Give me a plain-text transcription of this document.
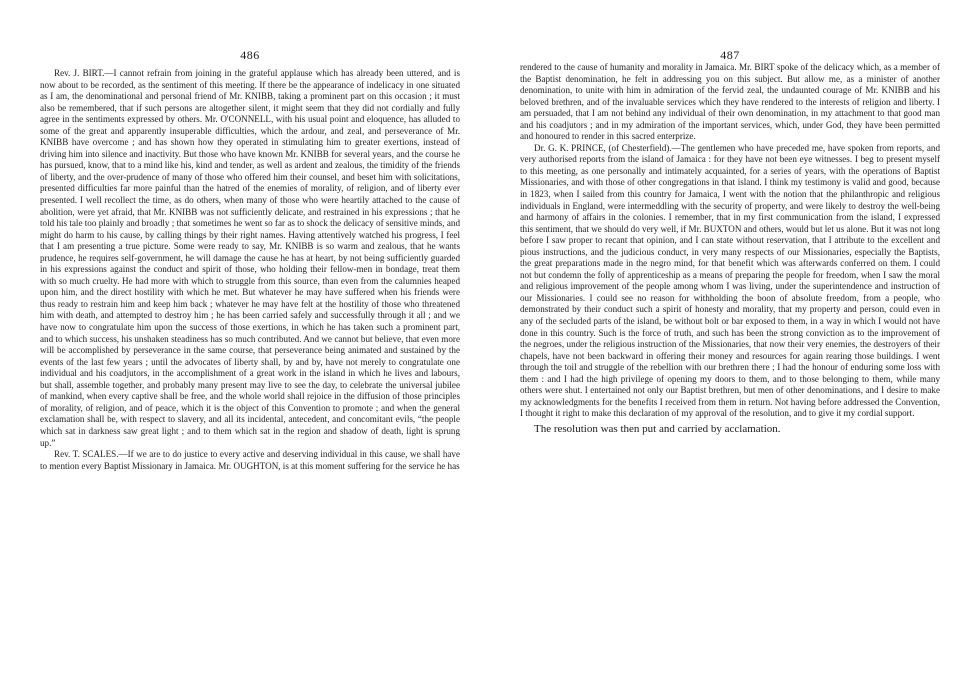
486

Rev. J. BIRT.—I cannot refrain from joining in the grateful applause which has already been uttered, and is now about to be recorded, as the sentiment of this meeting. If there be the appearance of indelicacy in one situated as I am, the denominational and personal friend of Mr. KNIBB, taking a prominent part on this occasion ; it must also be remembered, that if such persons are altogether silent, it might seem that they did not cordially and fully agree in the sentiments expressed by others. Mr. O'CONNELL, with his usual point and eloquence, has alluded to some of the great and apparently insuperable difficulties, which the ardour, and zeal, and perseverance of Mr. KNIBB have overcome ; and has shown how they operated in stimulating him to greater exertions, instead of driving him into silence and inactivity. But those who have known Mr. KNIBB for several years, and the course he has pursued, know, that to a mind like his, kind and tender, as well as ardent and zealous, the timidity of the friends of liberty, and the over-prudence of many of those who offered him their counsel, and beset him with solicitations, presented difficulties far more painful than the hatred of the enemies of morality, of religion, and of liberty ever presented. I well recollect the time, as do others, when many of those who were heartily attached to the cause of abolition, were yet afraid, that Mr. KNIBB was not sufficiently delicate, and restrained in his expressions ; that he told his tale too plainly and broadly ; that sometimes he went so far as to shock the delicacy of sensitive minds, and might do harm to his cause, by calling things by their right names. Having attentively watched his progress, I feel that I am presenting a true picture. Some were ready to say, Mr. KNIBB is so warm and zealous, that he wants prudence, he requires self-government, he will damage the cause he has at heart, by not being sufficiently guarded in his expressions against the conduct and spirit of those, who holding their fellow-men in bondage, treat them with so much cruelty. He had more with which to struggle from this source, than even from the calumnies heaped upon him, and the direct hostility with which he met. But whatever he may have suffered when his friends were thus ready to restrain him and keep him back ; whatever he may have felt at the hostility of those who threatened him with death, and attempted to destroy him ; he has been carried safely and successfully through it all ; and we have now to congratulate him upon the success of those exertions, in which he has taken such a prominent part, and to which success, his unshaken steadiness has so much contributed. And we cannot but believe, that even more will be accomplished by perseverance in the same course, that perseverance being animated and sustained by the events of the last few years ; until the advocates of liberty shall, by and by, have not merely to congratulate one individual and his coadjutors, in the accomplishment of a great work in the island in which he lives and labours, but shall, assemble together, and probably many present may live to see the day, to celebrate the universal jubilee of mankind, when every captive shall be free, and the whole world shall rejoice in the diffusion of those principles of morality, of religion, and of peace, which it is the object of this Convention to promote ; and when the general exclamation shall be, with respect to slavery, and all its incidental, antecedent, and concomitant evils, “the people which sat in darkness saw great light ; and to them which sat in the region and shadow of death, light is sprung up.”

Rev. T. SCALES.—If we are to do justice to every active and deserving individual in this cause, we shall have to mention every Baptist Missionary in Jamaica. Mr. OUGHTON, is at this moment suffering for the service he has

487

rendered to the cause of humanity and morality in Jamaica. Mr. BIRT spoke of the delicacy which, as a member of the Baptist denomination, he felt in addressing you on this subject. But allow me, as a minister of another denomination, to unite with him in admiration of the fervid zeal, the undaunted courage of Mr. KNIBB and his beloved brethren, and of the invaluable services which they have rendered to the interests of religion and liberty. I am persuaded, that I am not behind any individual of their own denomination, in my attachment to that good man and his coadjutors ; and in my admiration of the important services, which, under God, they have been permitted and honoured to render in this sacred enterprize.

Dr. G. K. PRINCE, (of Chesterfield).—The gentlemen who have preceded me, have spoken from reports, and very authorised reports from the island of Jamaica : for they have not been eye witnesses. I beg to present myself to this meeting, as one personally and intimately acquainted, for a series of years, with the operations of Baptist Missionaries, and with those of other congregations in that island. I think my testimony is valid and good, because in 1823, when I sailed from this country for Jamaica, I went with the notion that the philanthropic and religious individuals in England, were intermeddling with the security of property, and were likely to destroy the well-being and harmony of affairs in the colonies. I remember, that in my first communication from the island, I expressed this sentiment, that we should do very well, if Mr. BUXTON and others, would but let us alone. But it was not long before I saw proper to recant that opinion, and I can state without reservation, that I attribute to the excellent and pious instructions, and the judicious conduct, in very many respects of our Missionaries, especially the Baptists, the great preparations made in the negro mind, for that benefit which was afterwards conferred on them. I could not but condemn the folly of apprenticeship as a means of preparing the people for freedom, when I saw the moral and religious improvement of the people among whom I was living, under the superintendence and instruction of our Missionaries. I could see no reason for withholding the boon of absolute freedom, from a people, who demonstrated by their conduct such a spirit of honesty and morality, that my property and person, could even in any of the secluded parts of the island, be without bolt or bar exposed to them, in a way in which I would not have done in this country. Such is the force of truth, and such has been the strong conviction as to the improvement of the negroes, under the religious instruction of the Missionaries, that now their very enemies, the destroyers of their chapels, have not been backward in offering their money and resources for again rearing those buildings. I went through the toil and struggle of the rebellion with our brethren there ; I had the honour of enduring some loss with them : and I had the high privilege of opening my doors to them, and to those belonging to them, while many others were shut. I entertained not only our Baptist brethren, but men of other denominations, and I desire to make my acknowledgments for the benefits I received from them in return. Not having before addressed the Convention, I thought it right to make this declaration of my approval of the resolution, and to give it my cordial support.

The resolution was then put and carried by acclamation.
